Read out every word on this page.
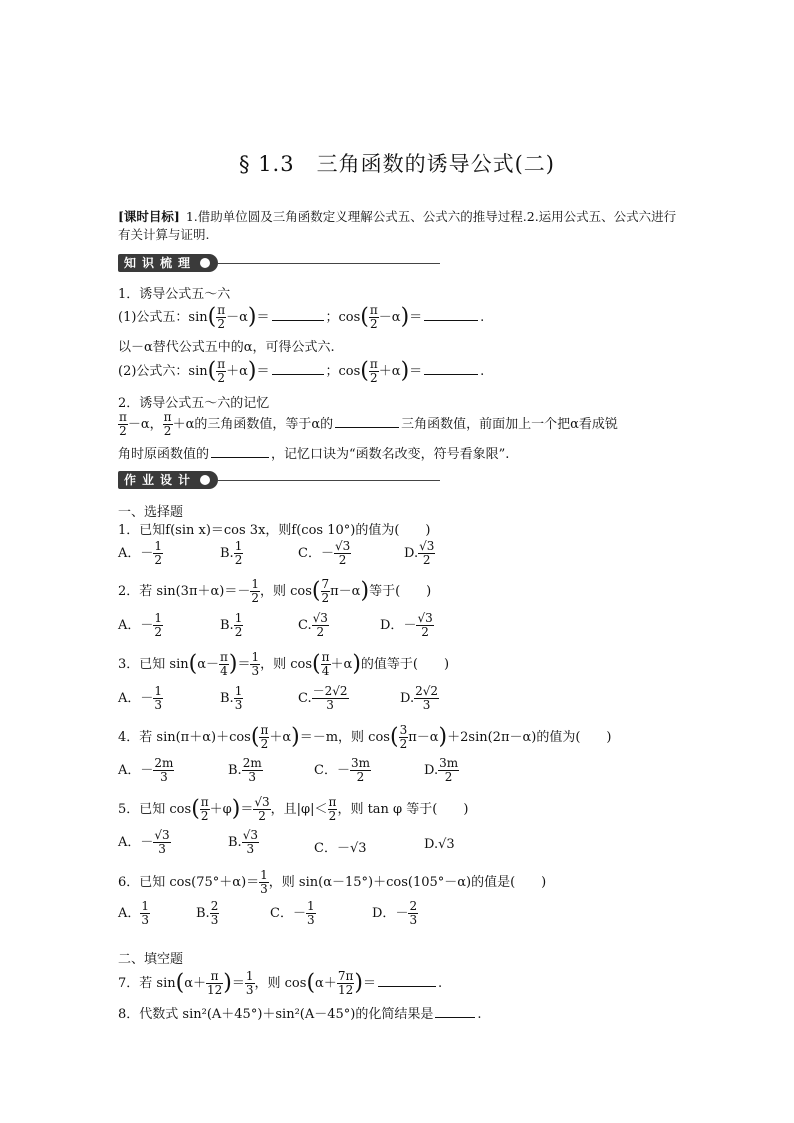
§ 1.3　三角函数的诱导公式(二)
[课时目标] 1.借助单位圆及三角函数定义理解公式五、公式六的推导过程.2.运用公式五、公式六进行有关计算与证明.
知识梳理
1．诱导公式五～六
(1)公式五：$\sin( \frac{\pi}{2} -\alpha)=$	；$\cos( \frac{\pi}{2} -\alpha)=$	.
以－α替代公式五中的α，可得公式六.
(2)公式六：$\sin( \frac{\pi}{2} +\alpha)=$	；$\cos( \frac{\pi}{2} +\alpha)=$	.
2．诱导公式五～六的记忆
$\frac{\pi}{2} -\alpha$， $\frac{\pi}{2} +\alpha$的三角函数值，等于α的	三角函数值，前面加上一个把α看成锐
角时原函数值的	，记忆口诀为“函数名改变，符号看象限”.
作业设计
一、选择题
1．已知f(sin x)＝cos 3x，则f(cos 10°)的值为(　　)
A．－ $\frac{1}{2}$	B. $\frac{1}{2}$	C．－ $\frac{√3}{2}$	D. $\frac{√3}{2}$
2．若 $\sin(3\pi+\alpha)=- \frac{1}{2}$ ，则 $\cos( \frac{7}{2} \pi-\alpha)$等于(　　)
A．－ $\frac{1}{2}$	B. $\frac{1}{2}$	C. $\frac{√3}{2}$	D．－ $\frac{√3}{2}$
3．已知 $\sin(\alpha- \frac{\pi}{4}$ )＝ $\frac{1}{3}$ ，则 $\cos( \frac{\pi}{4} +\alpha)$的值等于(　　)
A．－ $\frac{1}{3}$	B. $\frac{1}{3}$	C. $\frac{-2√2}{3}$	D. $\frac{2√2}{3}$
4．若 $\sin(\pi+\alpha)+\cos( \frac{\pi}{2} +\alpha)=-m$，则 $\cos( \frac{3}{2} \pi-\alpha)+2\sin(2\pi-\alpha)$的值为(　　)
A．－ $\frac{2m}{3}$	B. $\frac{2m}{3}$	C．－ $\frac{3m}{2}$	D. $\frac{3m}{2}$
5．已知 $\cos( \frac{\pi}{2} +\varphi)= \frac{√3}{2}$ ，且$|\varphi|< \frac{\pi}{2}$ ，则 tan φ 等于(　　)
A．－ $\frac{√3}{3}$	B. $\frac{√3}{3}$	C．－√3	D.√3
6．已知 $\cos(75^\circ+\alpha)= \frac{1}{3}$ ，则 sin(α－15°)＋cos(105°－α)的值是(　　)
A． $\frac{1}{3}$	B. $\frac{2}{3}$	C．－ $\frac{1}{3}$	D．－ $\frac{2}{3}$
二、填空题
7．若 $\sin(\alpha+ \frac{\pi}{12}$ )＝ $\frac{1}{3}$ ，则 $\cos(\alpha+ \frac{7\pi}{12}$ )＝	.
8．代数式 sin²(A＋45°)＋sin²(A－45°)的化简结果是	.
